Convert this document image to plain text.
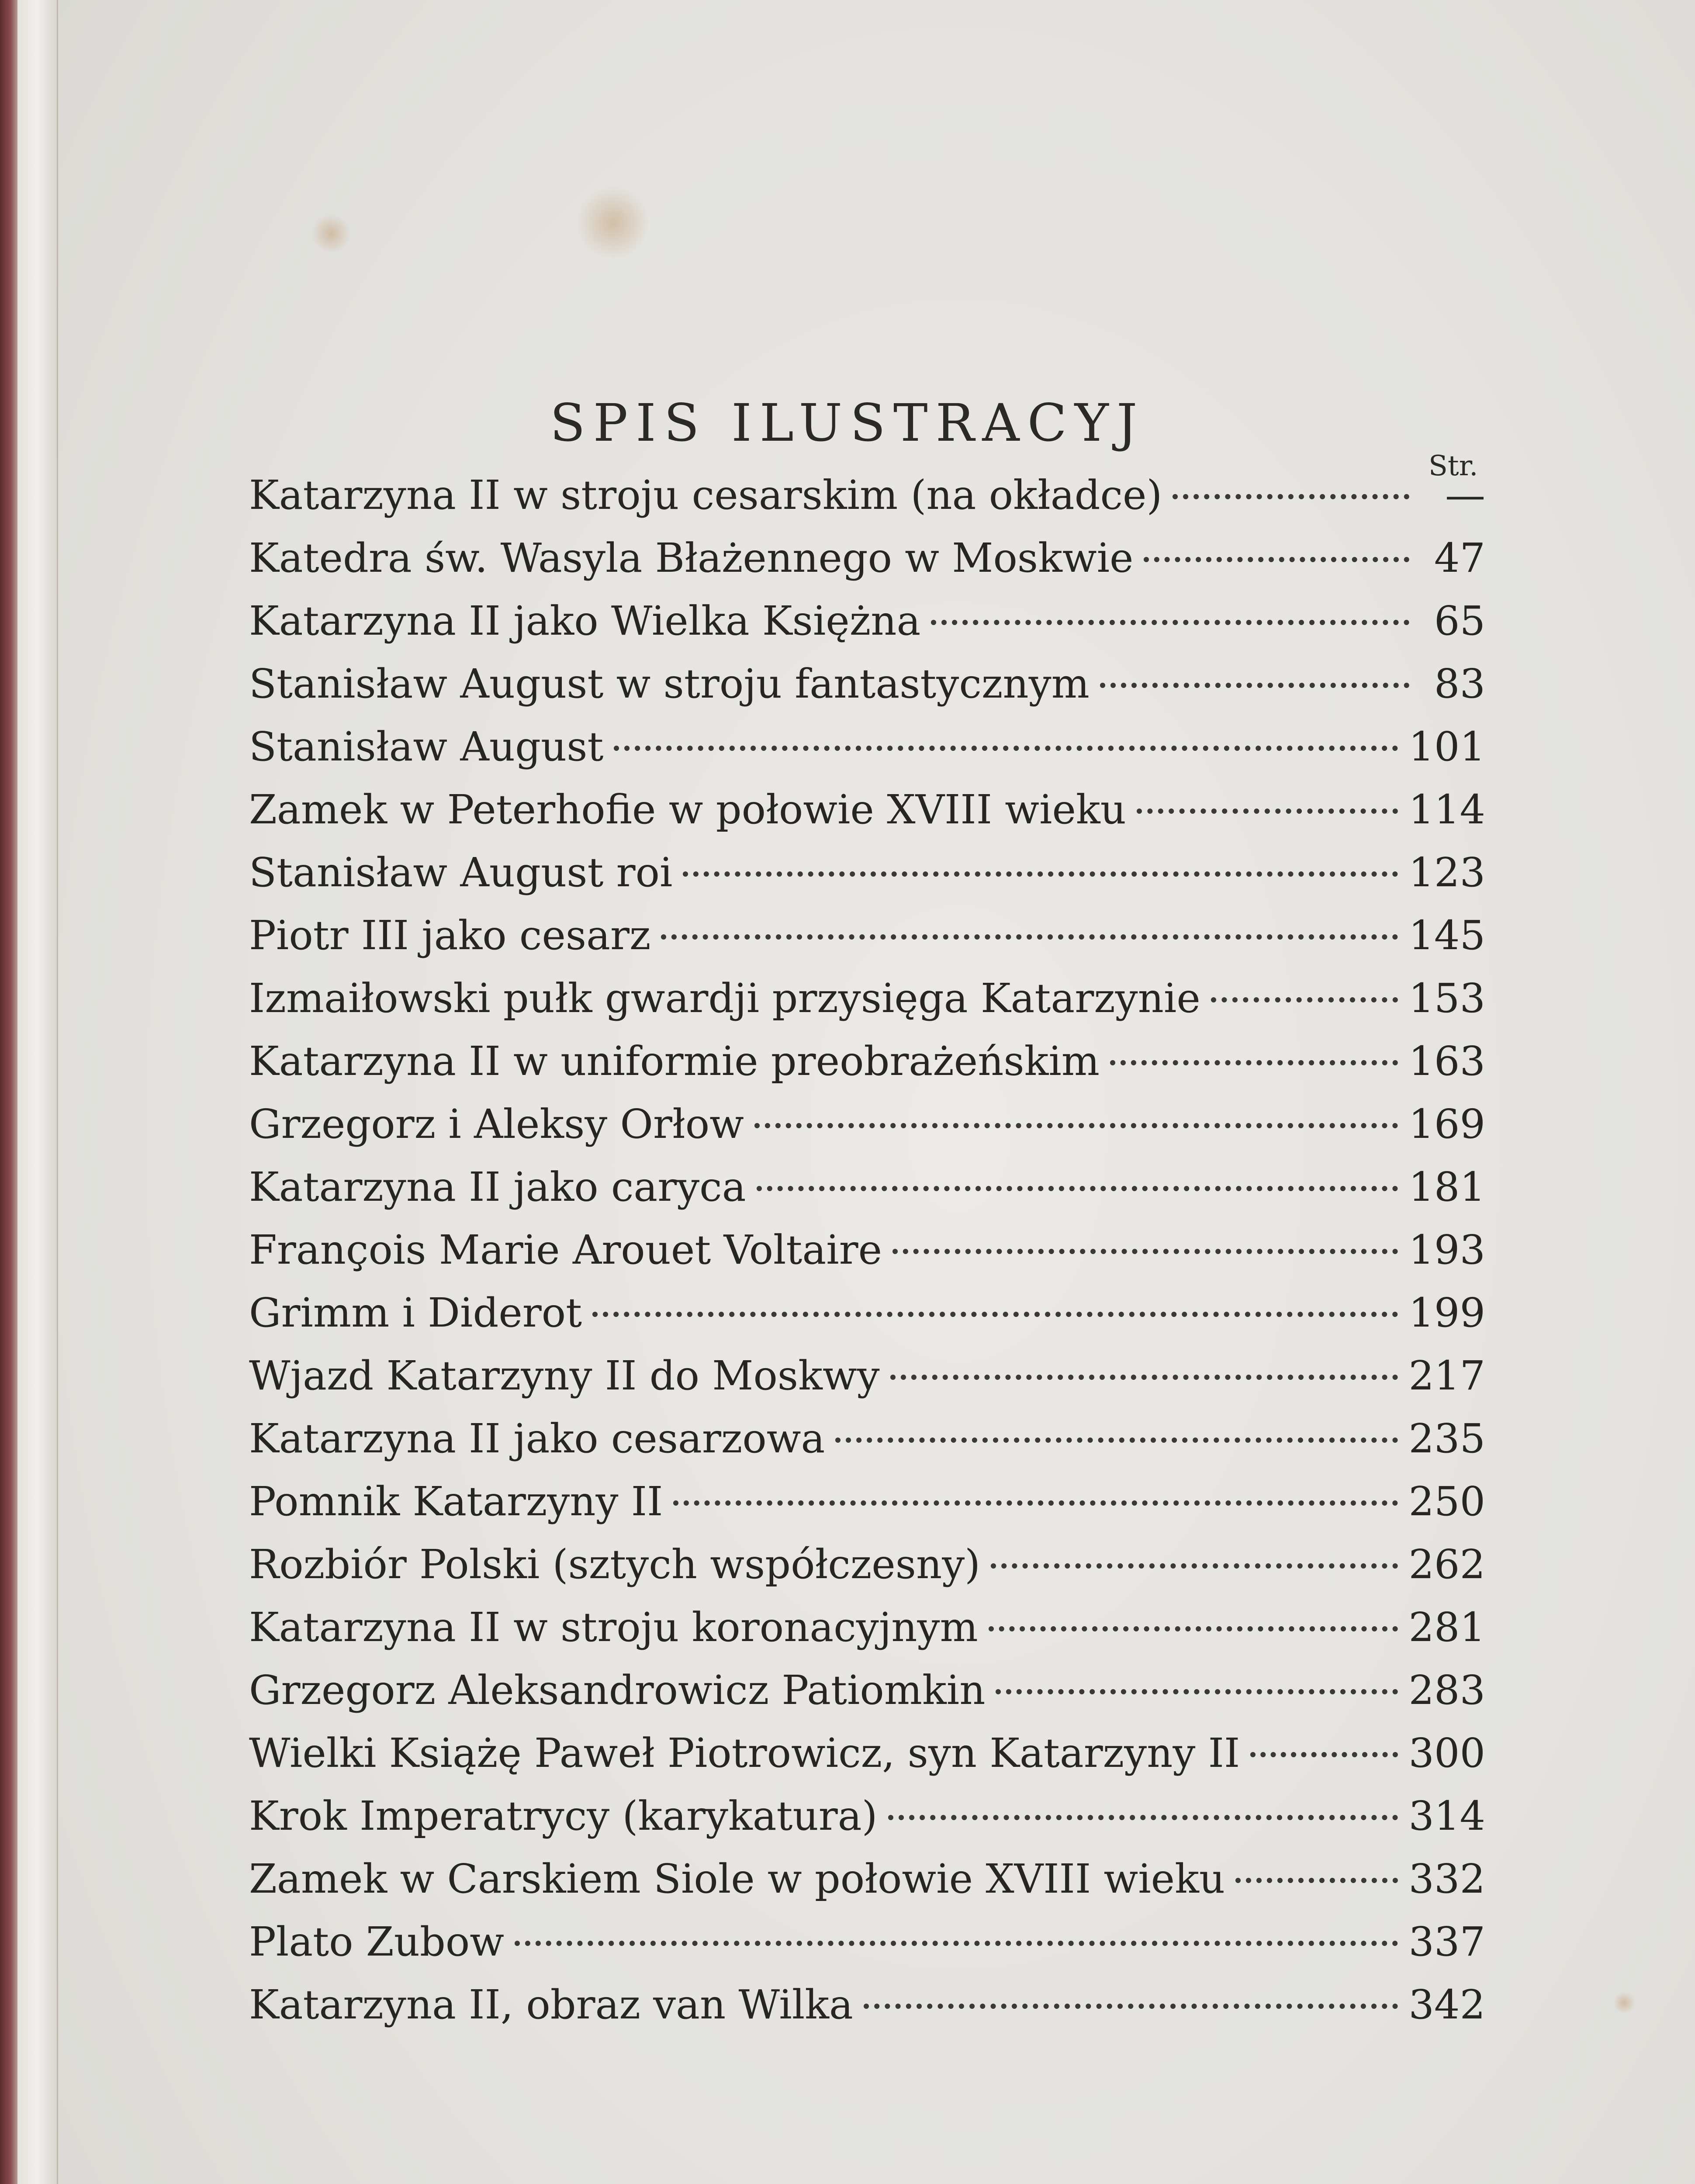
SPIS ILUSTRACYJ
Str.
Katarzyna II w stroju cesarskim (na okładce)	—
Katedra św. Wasyla Błażennego w Moskwie	47
Katarzyna II jako Wielka Księżna	65
Stanisław August w stroju fantastycznym	83
Stanisław August	101
Zamek w Peterhofie w połowie XVIII wieku	114
Stanisław August roi	123
Piotr III jako cesarz	145
Izmaiłowski pułk gwardji przysięga Katarzynie	153
Katarzyna II w uniformie preobrażeńskim	163
Grzegorz i Aleksy Orłow	169
Katarzyna II jako caryca	181
François Marie Arouet Voltaire	193
Grimm i Diderot	199
Wjazd Katarzyny II do Moskwy	217
Katarzyna II jako cesarzowa	235
Pomnik Katarzyny II	250
Rozbiór Polski (sztych współczesny)	262
Katarzyna II w stroju koronacyjnym	281
Grzegorz Aleksandrowicz Patiomkin	283
Wielki Książę Paweł Piotrowicz, syn Katarzyny II	300
Krok Imperatrycy (karykatura)	314
Zamek w Carskiem Siole w połowie XVIII wieku	332
Plato Zubow	337
Katarzyna II, obraz van Wilka	342
